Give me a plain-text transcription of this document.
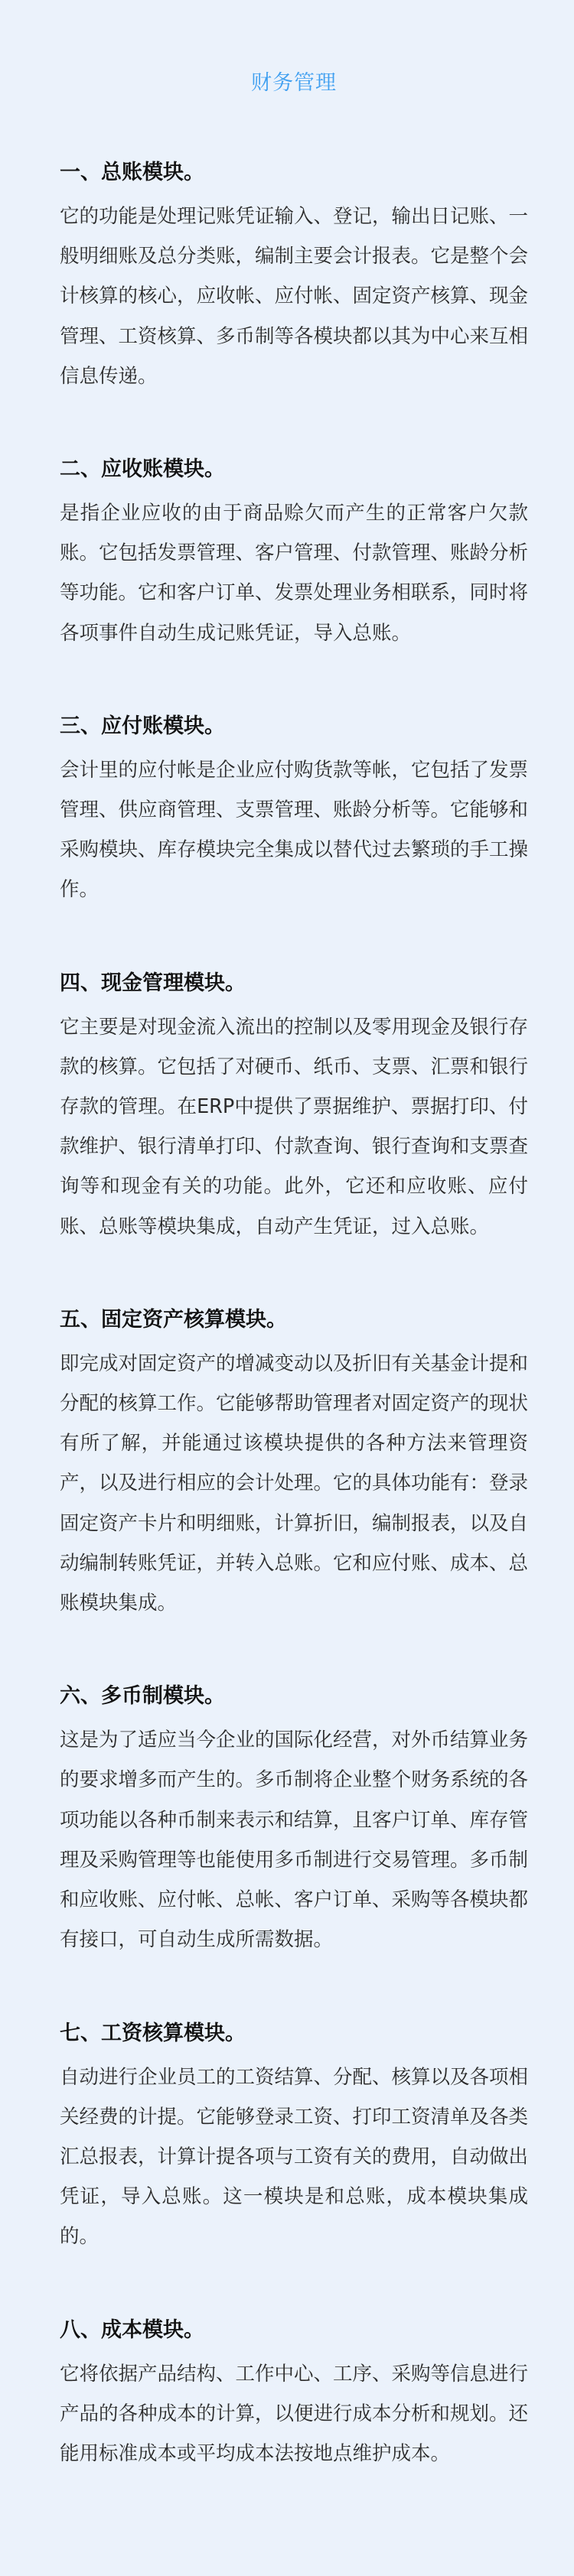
财务管理
一、总账模块。

它的功能是处理记账凭证输入、登记，输出日记账、一般明细账及总分类账，编制主要会计报表。它是整个会计核算的核心，应收帐、应付帐、固定资产核算、现金管理、工资核算、多币制等各模块都以其为中心来互相信息传递。

二、应收账模块。

是指企业应收的由于商品赊欠而产生的正常客户欠款账。它包括发票管理、客户管理、付款管理、账龄分析等功能。它和客户订单、发票处理业务相联系，同时将各项事件自动生成记账凭证，导入总账。

三、应付账模块。

会计里的应付帐是企业应付购货款等帐，它包括了发票管理、供应商管理、支票管理、账龄分析等。它能够和采购模块、库存模块完全集成以替代过去繁琐的手工操作。

四、现金管理模块。

它主要是对现金流入流出的控制以及零用现金及银行存款的核算。它包括了对硬币、纸币、支票、汇票和银行存款的管理。在ERP中提供了票据维护、票据打印、付款维护、银行清单打印、付款查询、银行查询和支票查询等和现金有关的功能。此外，它还和应收账、应付账、总账等模块集成，自动产生凭证，过入总账。

五、固定资产核算模块。

即完成对固定资产的增减变动以及折旧有关基金计提和分配的核算工作。它能够帮助管理者对固定资产的现状有所了解，并能通过该模块提供的各种方法来管理资产，以及进行相应的会计处理。它的具体功能有：登录固定资产卡片和明细账，计算折旧，编制报表，以及自动编制转账凭证，并转入总账。它和应付账、成本、总账模块集成。

六、多币制模块。

这是为了适应当今企业的国际化经营，对外币结算业务的要求增多而产生的。多币制将企业整个财务系统的各项功能以各种币制来表示和结算，且客户订单、库存管理及采购管理等也能使用多币制进行交易管理。多币制和应收账、应付帐、总帐、客户订单、采购等各模块都有接口，可自动生成所需数据。

七、工资核算模块。

自动进行企业员工的工资结算、分配、核算以及各项相关经费的计提。它能够登录工资、打印工资清单及各类汇总报表，计算计提各项与工资有关的费用，自动做出凭证，导入总账。这一模块是和总账，成本模块集成的。

八、成本模块。

它将依据产品结构、工作中心、工序、采购等信息进行产品的各种成本的计算，以便进行成本分析和规划。还能用标准成本或平均成本法按地点维护成本。
